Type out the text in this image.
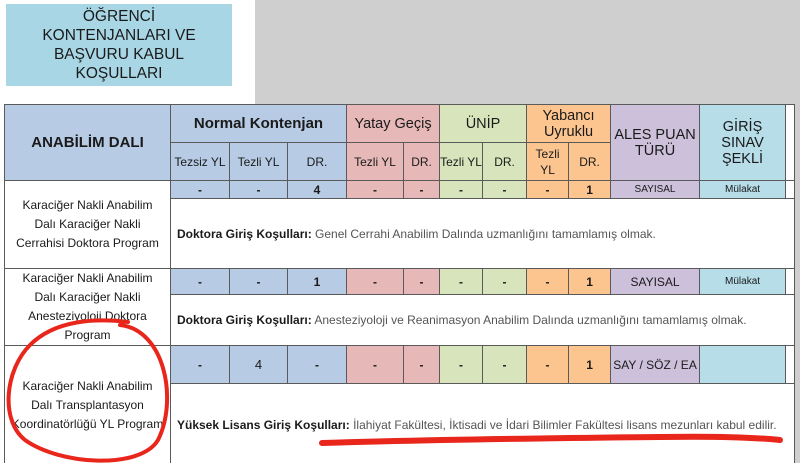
ÖĞRENCİ KONTENJANLARI VE BAŞVURU KABUL KOŞULLARI
ANABİLİM DALI	Normal Kontenjan			Yatay Geçiş		ÜNİP		Yabancı Uyruklu		ALES PUAN TÜRÜ	GİRİŞ SINAV ŞEKLİ	
	Tezsiz YL	Tezli YL	DR.	Tezli YL	DR.	Tezli YL	DR.	Tezli YL	DR.			
Karaciğer Nakli Anabilim Dalı Karaciğer Nakli Cerrahisi Doktora Program	-	-	4	-	-	-	-	-	1	SAYISAL	Mülakat	
	Doktora Giriş Koşulları: Genel Cerrahi Anabilim Dalında uzmanlığını tamamlamış olmak.											
Karaciğer Nakli Anabilim Dalı Karaciğer Nakli Anesteziyoloji Doktora Program	-	-	1	-	-	-	-	-	1	SAYISAL	Mülakat	
	Doktora Giriş Koşulları: Anesteziyoloji ve Reanimasyon Anabilim Dalında uzmanlığını tamamlamış olmak.											
Karaciğer Nakli Anabilim Dalı Transplantasyon Koordinatörlüğü YL Program	-	4	-	-	-	-	-	-	1	SAY / SÖZ / EA		
	Yüksek Lisans Giriş Koşulları: İlahiyat Fakültesi, İktisadi ve İdari Bilimler Fakültesi lisans mezunları kabul edilir.											
